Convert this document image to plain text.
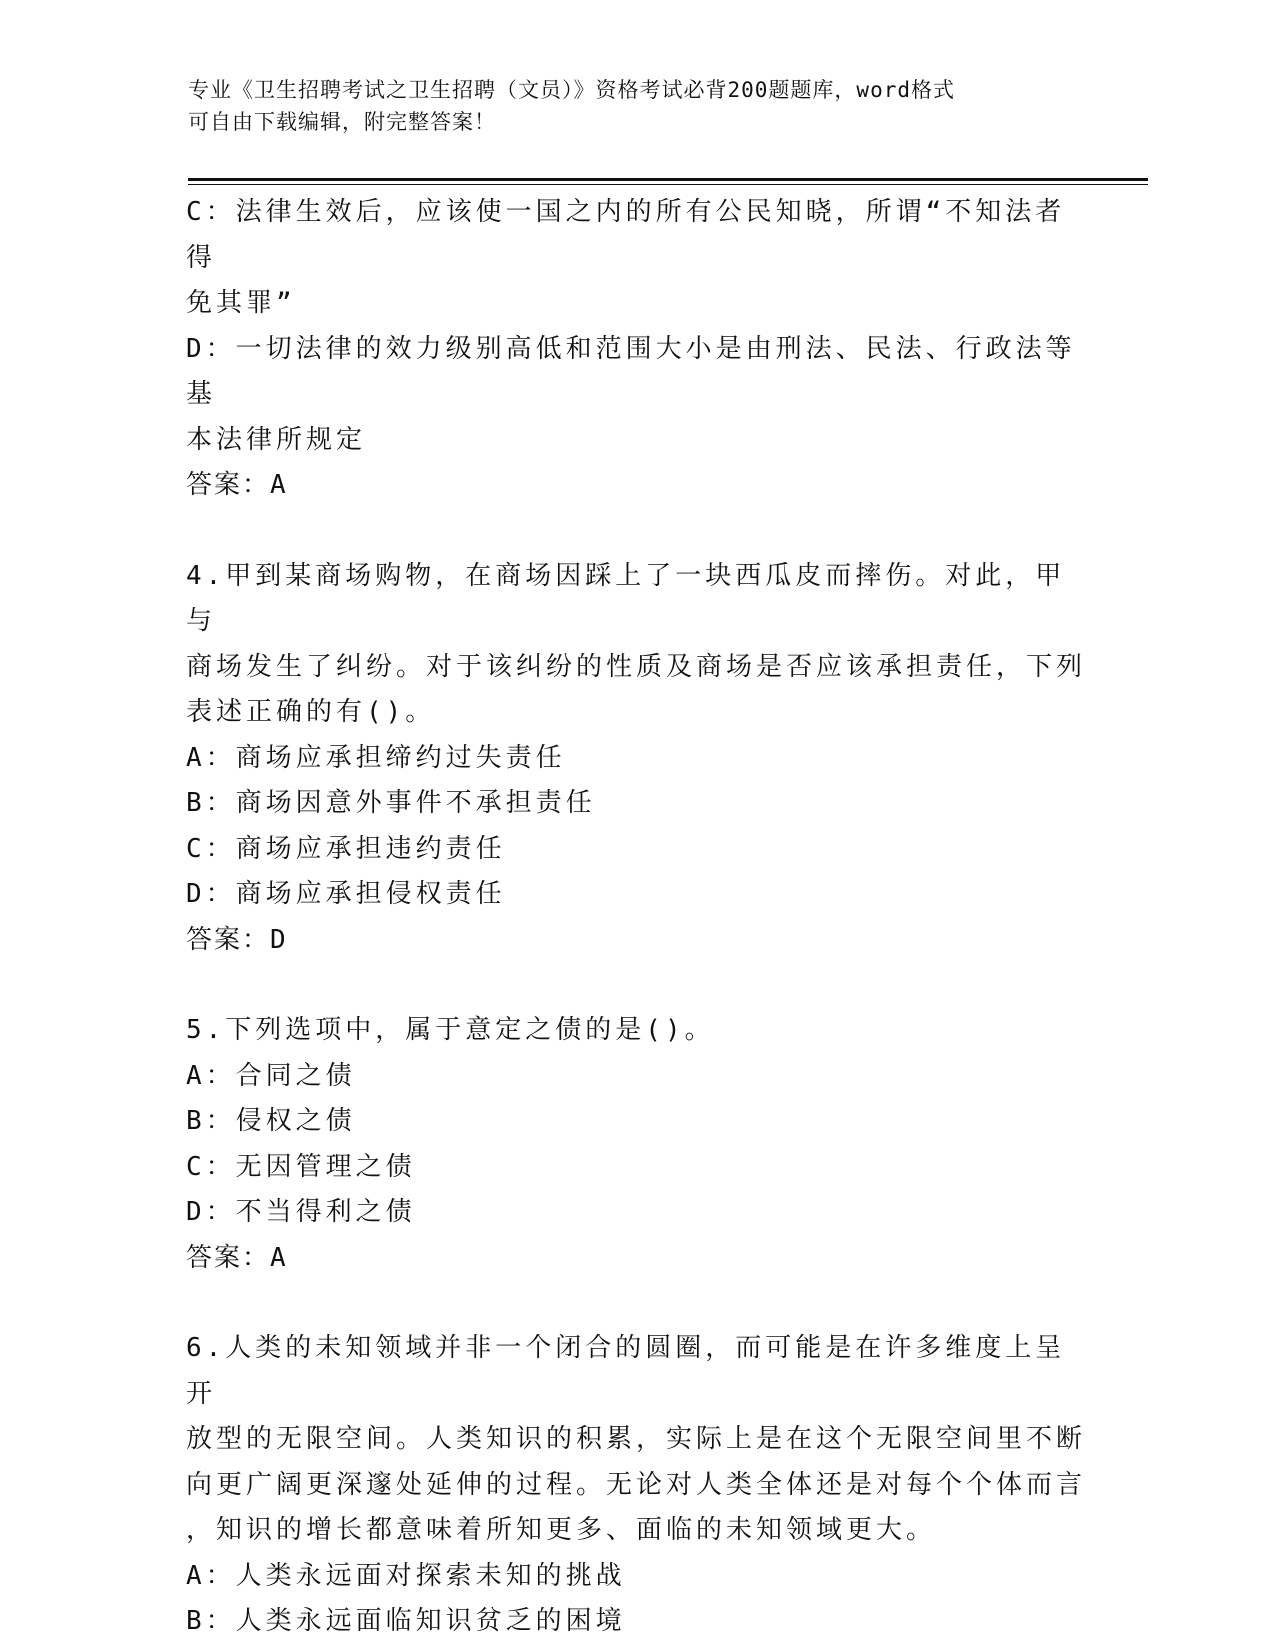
专业《卫生招聘考试之卫生招聘（文员）》资格考试必背200题题库，word格式
可自由下载编辑，附完整答案！

C：法律生效后，应该使一国之内的所有公民知晓，所谓“不知法者得

免其罪”

D：一切法律的效力级别高低和范围大小是由刑法、民法、行政法等基

本法律所规定

答案：A

4.甲到某商场购物，在商场因踩上了一块西瓜皮而摔伤。对此，甲与

商场发生了纠纷。对于该纠纷的性质及商场是否应该承担责任，下列

表述正确的有()。

A：商场应承担缔约过失责任

B：商场因意外事件不承担责任

C：商场应承担违约责任

D：商场应承担侵权责任

答案：D

5.下列选项中，属于意定之债的是()。

A：合同之债

B：侵权之债

C：无因管理之债

D：不当得利之债

答案：A

6.人类的未知领域并非一个闭合的圆圈，而可能是在许多维度上呈开

放型的无限空间。人类知识的积累，实际上是在这个无限空间里不断

向更广阔更深邃处延伸的过程。无论对人类全体还是对每个个体而言

，知识的增长都意味着所知更多、面临的未知领域更大。

A：人类永远面对探索未知的挑战

B：人类永远面临知识贫乏的困境
